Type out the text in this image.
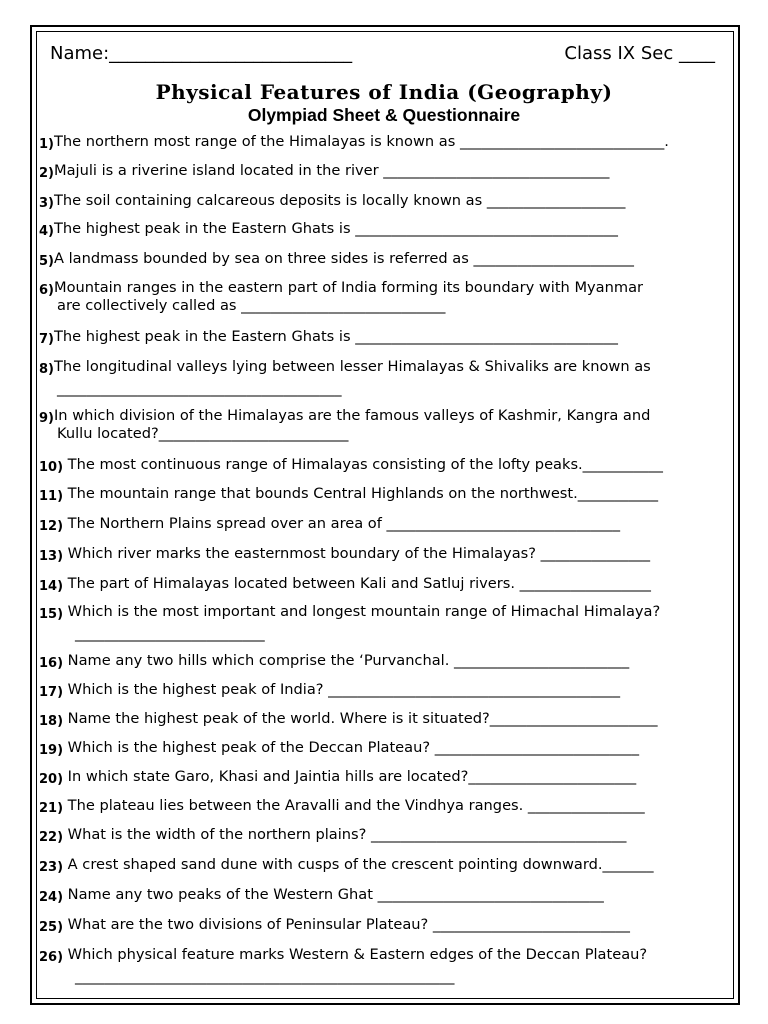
Name:___________________________	Class IX Sec ____
Physical Features of India (Geography)
Olympiad Sheet & Questionnaire
1)The northern most range of the Himalayas is known as ____________________________.
2)Majuli is a riverine island located in the river _______________________________
3)The soil containing calcareous deposits is locally known as ___________________
4)The highest peak in the Eastern Ghats is ____________________________________
5)A landmass bounded by sea on three sides is referred as ______________________
6)Mountain ranges in the eastern part of India forming its boundary with Myanmar
are collectively called as ____________________________
7)The highest peak in the Eastern Ghats is ____________________________________
8)The longitudinal valleys lying between lesser Himalayas & Shivaliks are known as
_______________________________________
9)In which division of the Himalayas are the famous valleys of Kashmir, Kangra and
Kullu located?__________________________
10) The most continuous range of Himalayas consisting of the lofty peaks.___________
11) The mountain range that bounds Central Highlands on the northwest.___________
12) The Northern Plains spread over an area of ________________________________
13) Which river marks the easternmost boundary of the Himalayas? _______________
14) The part of Himalayas located between Kali and Satluj rivers. __________________
15) Which is the most important and longest mountain range of Himachal Himalaya?
__________________________
16) Name any two hills which comprise the ‘Purvanchal. ________________________
17) Which is the highest peak of India? ________________________________________
18) Name the highest peak of the world. Where is it situated?_______________________
19) Which is the highest peak of the Deccan Plateau? ____________________________
20) In which state Garo, Khasi and Jaintia hills are located?_______________________
21) The plateau lies between the Aravalli and the Vindhya ranges. ________________
22) What is the width of the northern plains? ___________________________________
23) A crest shaped sand dune with cusps of the crescent pointing downward._______
24) Name any two peaks of the Western Ghat _______________________________
25) What are the two divisions of Peninsular Plateau? ___________________________
26) Which physical feature marks Western & Eastern edges of the Deccan Plateau?
____________________________________________________
